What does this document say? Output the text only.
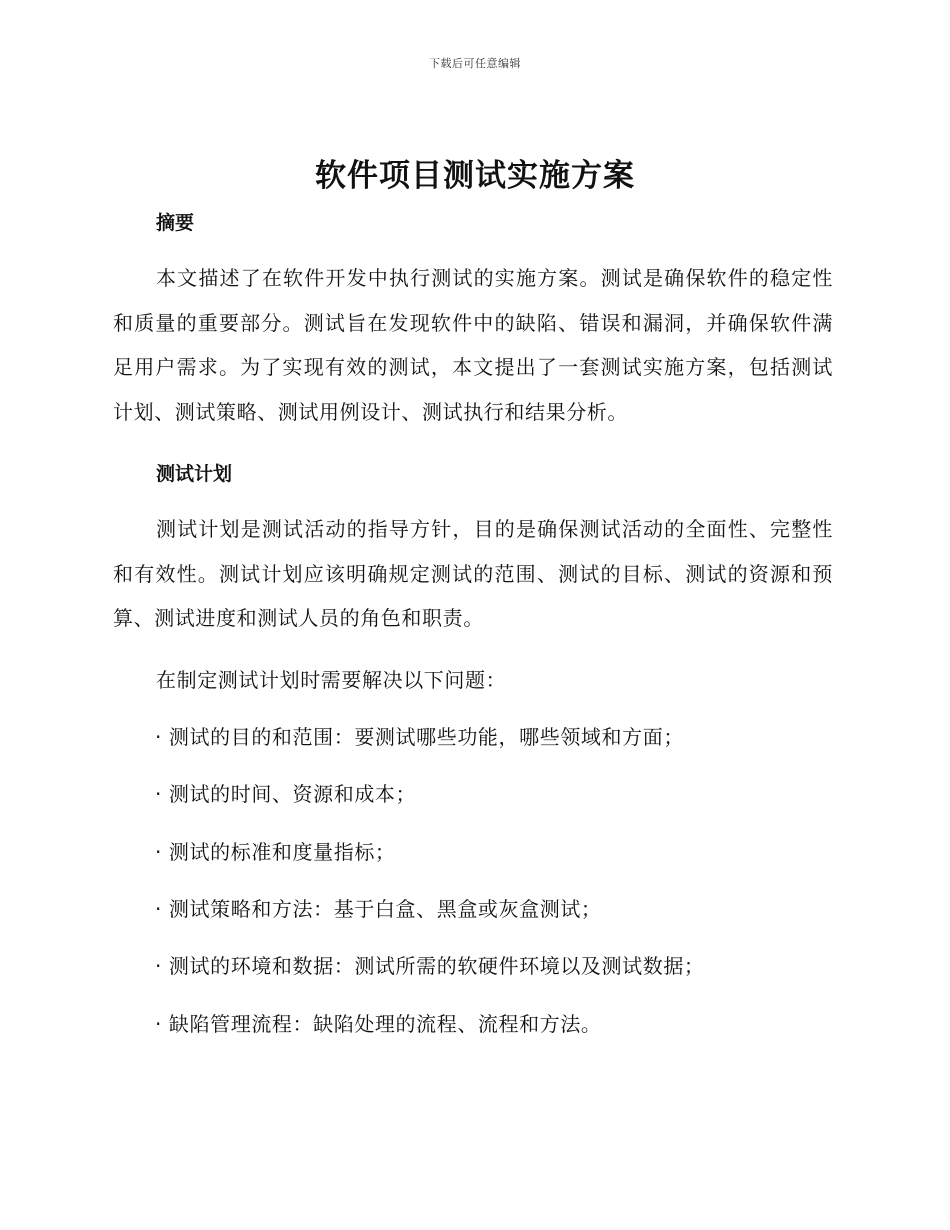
下载后可任意编辑
软件项目测试实施方案
摘要

本文描述了在软件开发中执行测试的实施方案。测试是确保软件的稳定性和质量的重要部分。测试旨在发现软件中的缺陷、错误和漏洞，并确保软件满足用户需求。为了实现有效的测试，本文提出了一套测试实施方案，包括测试计划、测试策略、测试用例设计、测试执行和结果分析。

测试计划

测试计划是测试活动的指导方针，目的是确保测试活动的全面性、完整性和有效性。测试计划应该明确规定测试的范围、测试的目标、测试的资源和预算、测试进度和测试人员的角色和职责。

在制定测试计划时需要解决以下问题：

· 测试的目的和范围：要测试哪些功能，哪些领域和方面；

· 测试的时间、资源和成本；

· 测试的标准和度量指标；

· 测试策略和方法：基于白盒、黑盒或灰盒测试；

· 测试的环境和数据：测试所需的软硬件环境以及测试数据；

· 缺陷管理流程：缺陷处理的流程、流程和方法。
